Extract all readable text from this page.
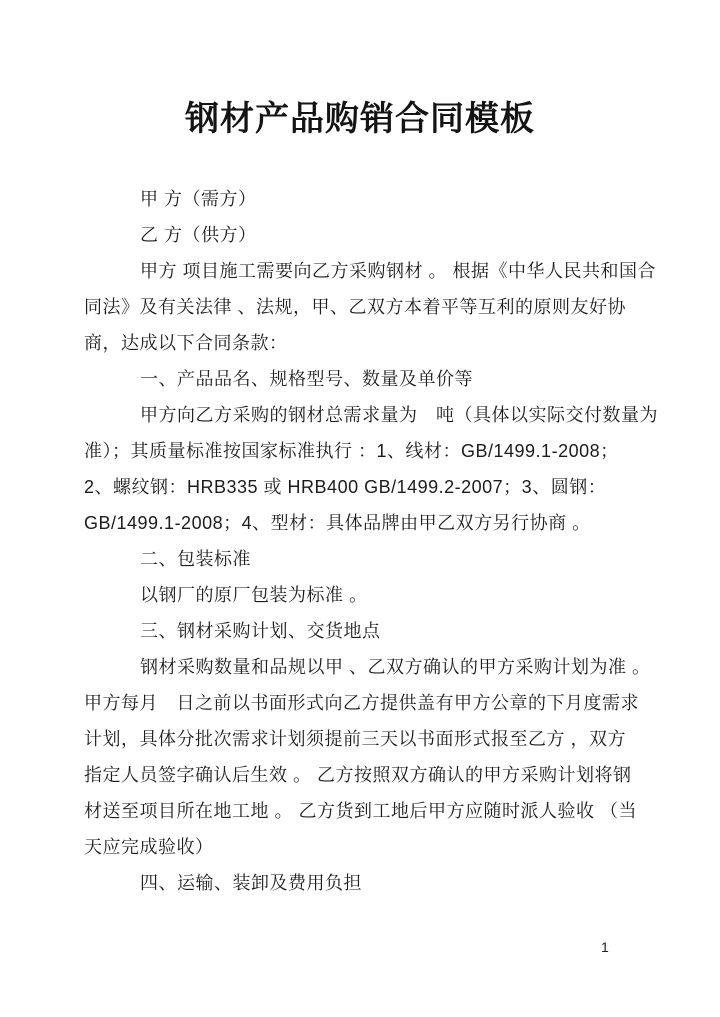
钢材产品购销合同模板
甲 方（需方）
乙 方（供方）
甲方 项目施工需要向乙方采购钢材 。 根据《中华人民共和国合
同法》及有关法律 、法规，甲、乙双方本着平等互利的原则友好协
商，达成以下合同条款：
一、产品品名、规格型号、数量及单价等
甲方向乙方采购的钢材总需求量为　吨（具体以实际交付数量为
准）；其质量标准按国家标准执行 ：1、线材：GB/1499.1-2008；
2、螺纹钢：HRB335 或 HRB400 GB/1499.2-2007；3、圆钢：
GB/1499.1-2008；4、型材：具体品牌由甲乙双方另行协商 。
二、包装标准
以钢厂的原厂包装为标准 。
三、钢材采购计划、交货地点
钢材采购数量和品规以甲 、乙双方确认的甲方采购计划为准 。
甲方每月　日之前以书面形式向乙方提供盖有甲方公章的下月度需求
计划，具体分批次需求计划须提前三天以书面形式报至乙方 ，双方
指定人员签字确认后生效 。 乙方按照双方确认的甲方采购计划将钢
材送至项目所在地工地 。 乙方货到工地后甲方应随时派人验收 （当
天应完成验收）
四、运输、装卸及费用负担
1
